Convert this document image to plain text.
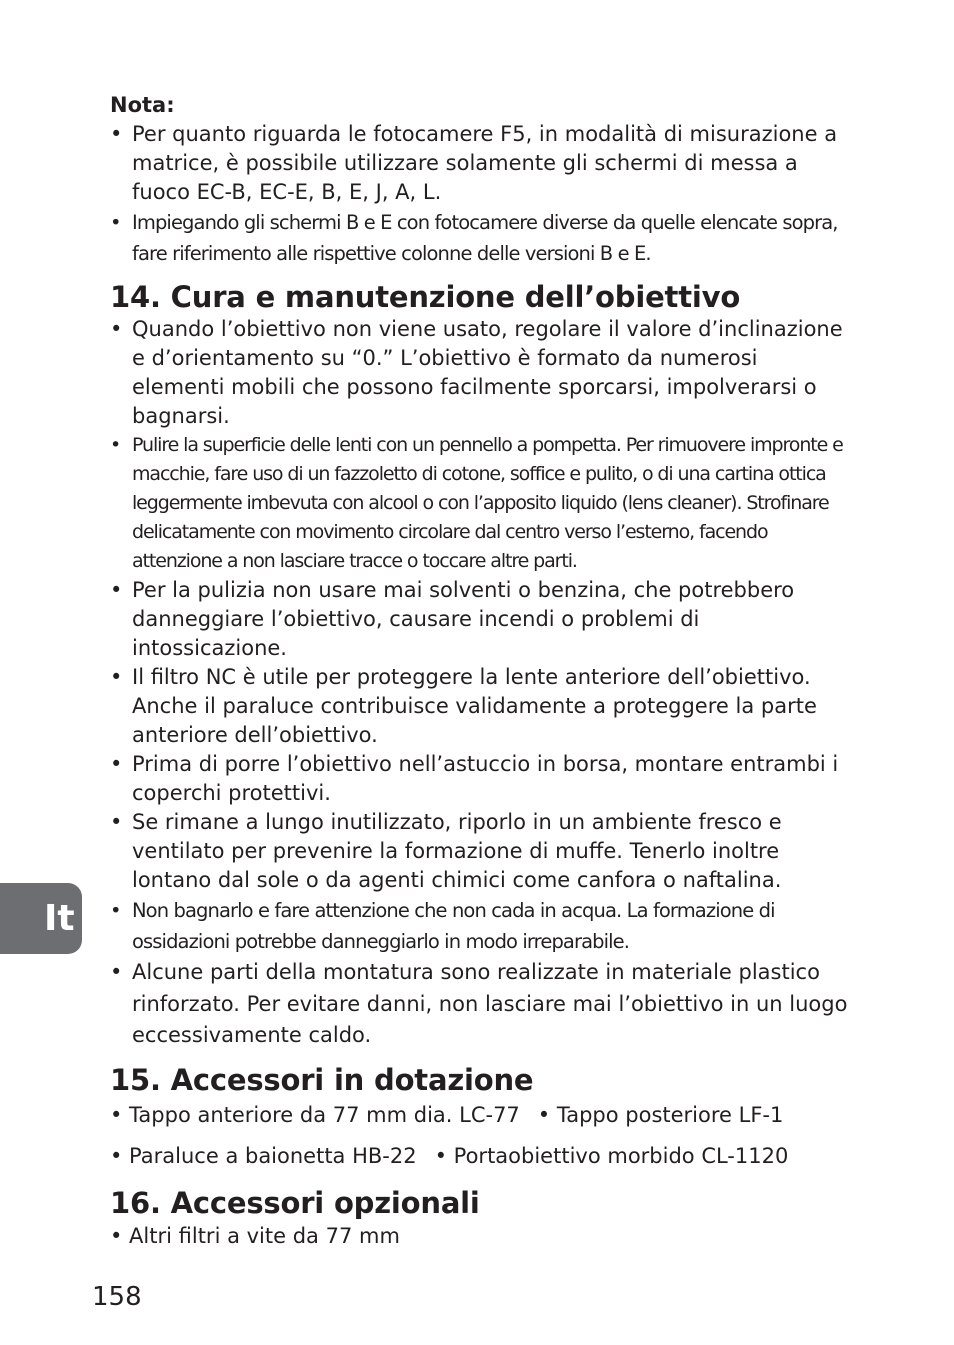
Nota:

• Per quanto riguarda le fotocamere F5, in modalità di misurazione a matrice, è possibile utilizzare solamente gli schermi di messa a fuoco EC-B, EC-E, B, E, J, A, L.
• Impiegando gli schermi B e E con fotocamere diverse da quelle elencate sopra, fare riferimento alle rispettive colonne delle versioni B e E.
14. Cura e manutenzione dell’obiettivo
• Quando l’obiettivo non viene usato, regolare il valore d’inclinazione e d’orientamento su “0.” L’obiettivo è formato da numerosi elementi mobili che possono facilmente sporcarsi, impolverarsi o bagnarsi.
• Pulire la superficie delle lenti con un pennello a pompetta. Per rimuovere impronte e macchie, fare uso di un fazzoletto di cotone, soffice e pulito, o di una cartina ottica leggermente imbevuta con alcool o con l’apposito liquido (lens cleaner). Strofinare delicatamente con movimento circolare dal centro verso l’esterno, facendo attenzione a non lasciare tracce o toccare altre parti.
• Per la pulizia non usare mai solventi o benzina, che potrebbero danneggiare l’obiettivo, causare incendi o problemi di intossicazione.
• Il filtro NC è utile per proteggere la lente anteriore dell’obiettivo. Anche il paraluce contribuisce validamente a proteggere la parte anteriore dell’obiettivo.
• Prima di porre l’obiettivo nell’astuccio in borsa, montare entrambi i coperchi protettivi.
• Se rimane a lungo inutilizzato, riporlo in un ambiente fresco e ventilato per prevenire la formazione di muffe. Tenerlo inoltre lontano dal sole o da agenti chimici come canfora o naftalina.
• Non bagnarlo e fare attenzione che non cada in acqua. La formazione di ossidazioni potrebbe danneggiarlo in modo irreparabile.
• Alcune parti della montatura sono realizzate in materiale plastico rinforzato. Per evitare danni, non lasciare mai l’obiettivo in un luogo eccessivamente caldo.
15. Accessori in dotazione

• Tappo anteriore da 77 mm dia. LC-77 • Tappo posteriore LF-1

• Paraluce a baionetta HB-22 • Portaobiettivo morbido CL-1120

16. Accessori opzionali

• Altri filtri a vite da 77 mm

It
158
